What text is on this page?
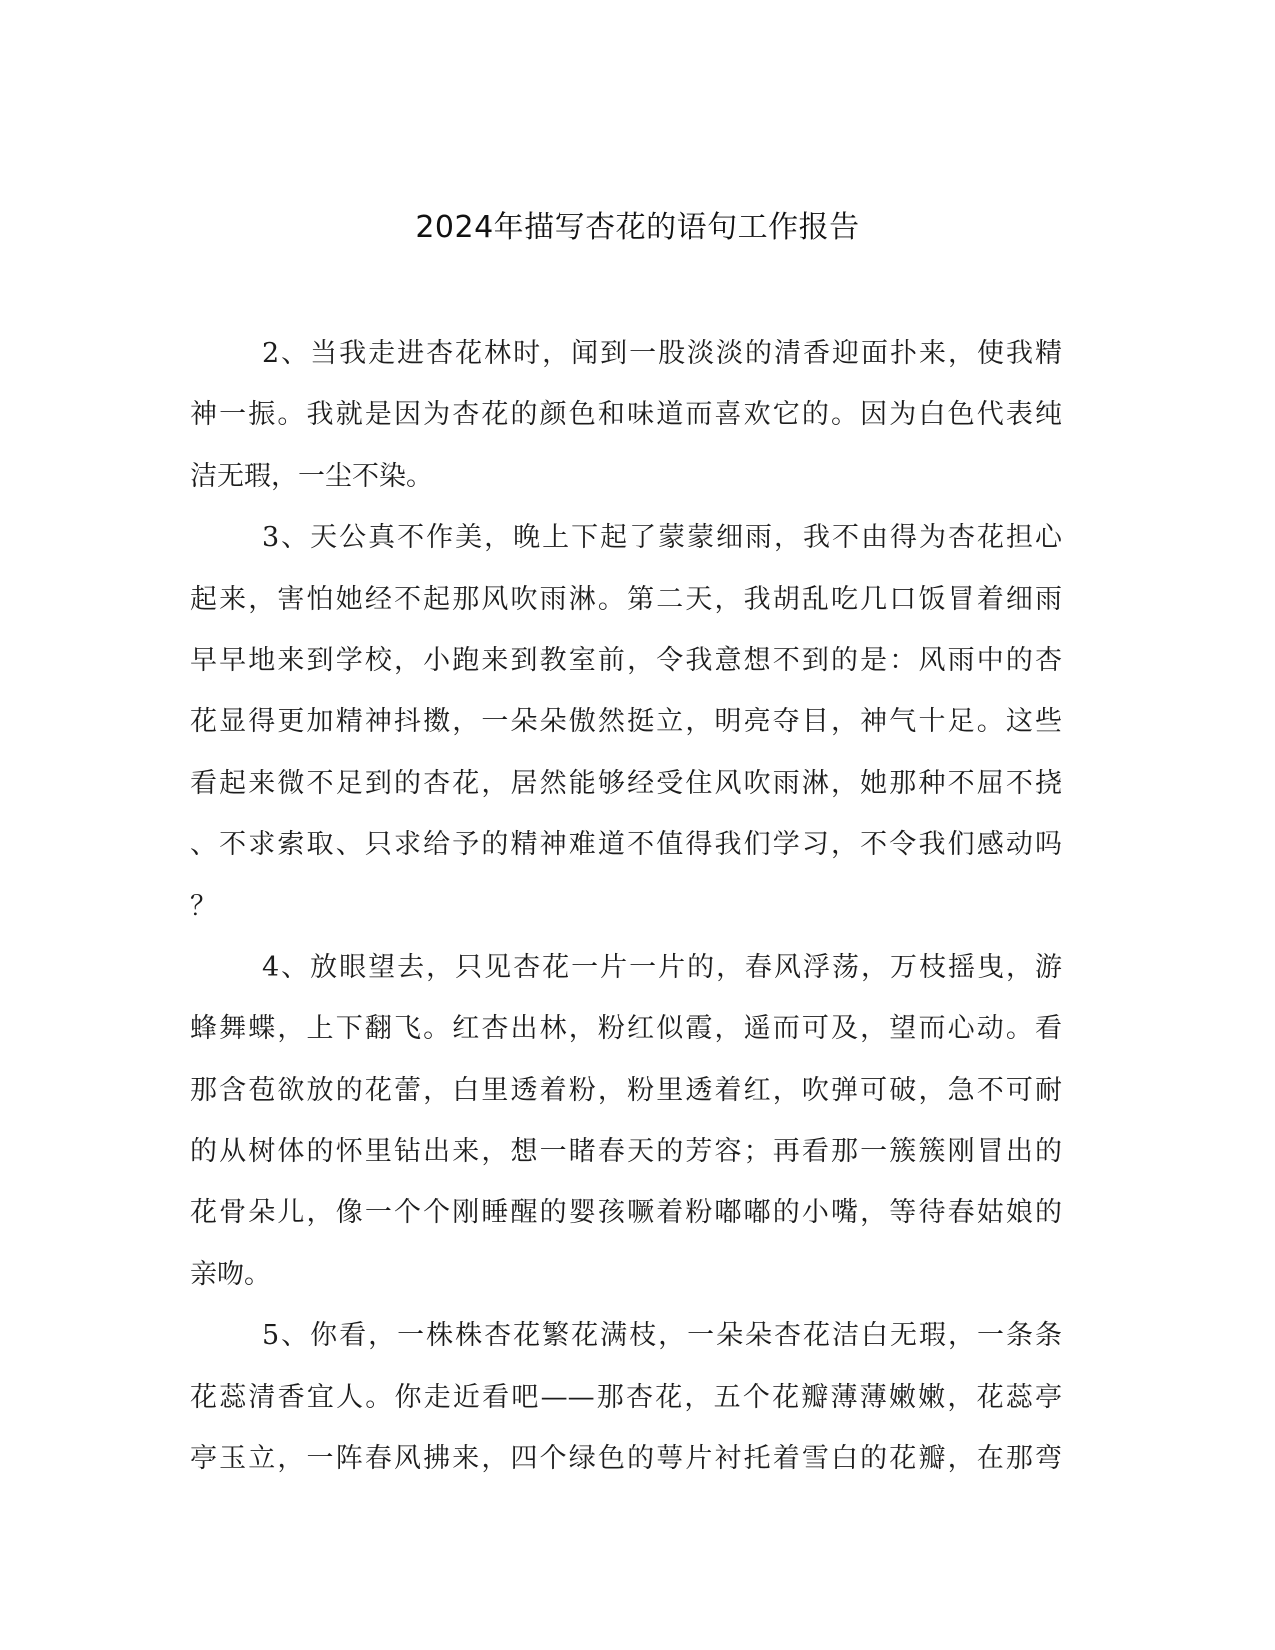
2024年描写杏花的语句工作报告
2、当我走进杏花林时，闻到一股淡淡的清香迎面扑来，使我精
神一振。我就是因为杏花的颜色和味道而喜欢它的。因为白色代表纯
洁无瑕，一尘不染。
3、天公真不作美，晚上下起了蒙蒙细雨，我不由得为杏花担心
起来，害怕她经不起那风吹雨淋。第二天，我胡乱吃几口饭冒着细雨
早早地来到学校，小跑来到教室前，令我意想不到的是：风雨中的杏
花显得更加精神抖擞，一朵朵傲然挺立，明亮夺目，神气十足。这些
看起来微不足到的杏花，居然能够经受住风吹雨淋，她那种不屈不挠
、不求索取、只求给予的精神难道不值得我们学习，不令我们感动吗
？
4、放眼望去，只见杏花一片一片的，春风浮荡，万枝摇曳，游
蜂舞蝶，上下翻飞。红杏出林，粉红似霞，遥而可及，望而心动。看
那含苞欲放的花蕾，白里透着粉，粉里透着红，吹弹可破，急不可耐
的从树体的怀里钻出来，想一睹春天的芳容；再看那一簇簇刚冒出的
花骨朵儿，像一个个刚睡醒的婴孩噘着粉嘟嘟的小嘴，等待春姑娘的
亲吻。
5、你看，一株株杏花繁花满枝，一朵朵杏花洁白无瑕，一条条
花蕊清香宜人。你走近看吧——那杏花，五个花瓣薄薄嫩嫩，花蕊亭
亭玉立，一阵春风拂来，四个绿色的萼片衬托着雪白的花瓣，在那弯
